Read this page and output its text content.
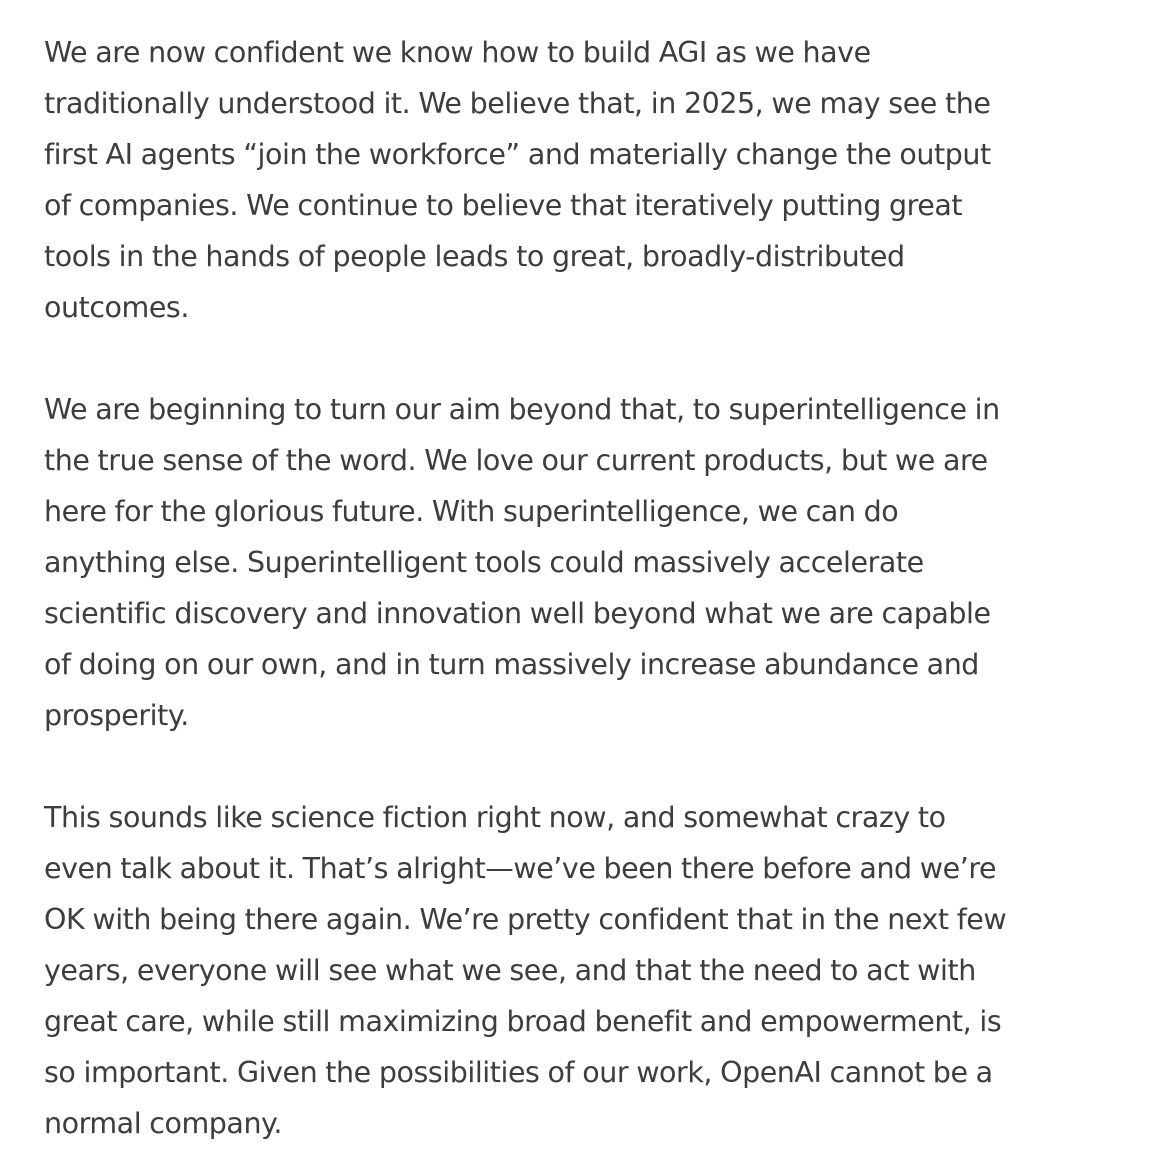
We are now confident we know how to build AGI as we have
traditionally understood it. We believe that, in 2025, we may see the
first AI agents “join the workforce” and materially change the output
of companies. We continue to believe that iteratively putting great
tools in the hands of people leads to great, broadly-distributed
outcomes.

We are beginning to turn our aim beyond that, to superintelligence in
the true sense of the word. We love our current products, but we are
here for the glorious future. With superintelligence, we can do
anything else. Superintelligent tools could massively accelerate
scientific discovery and innovation well beyond what we are capable
of doing on our own, and in turn massively increase abundance and
prosperity.

This sounds like science fiction right now, and somewhat crazy to
even talk about it. That’s alright—we’ve been there before and we’re
OK with being there again. We’re pretty confident that in the next few
years, everyone will see what we see, and that the need to act with
great care, while still maximizing broad benefit and empowerment, is
so important. Given the possibilities of our work, OpenAI cannot be a
normal company.
